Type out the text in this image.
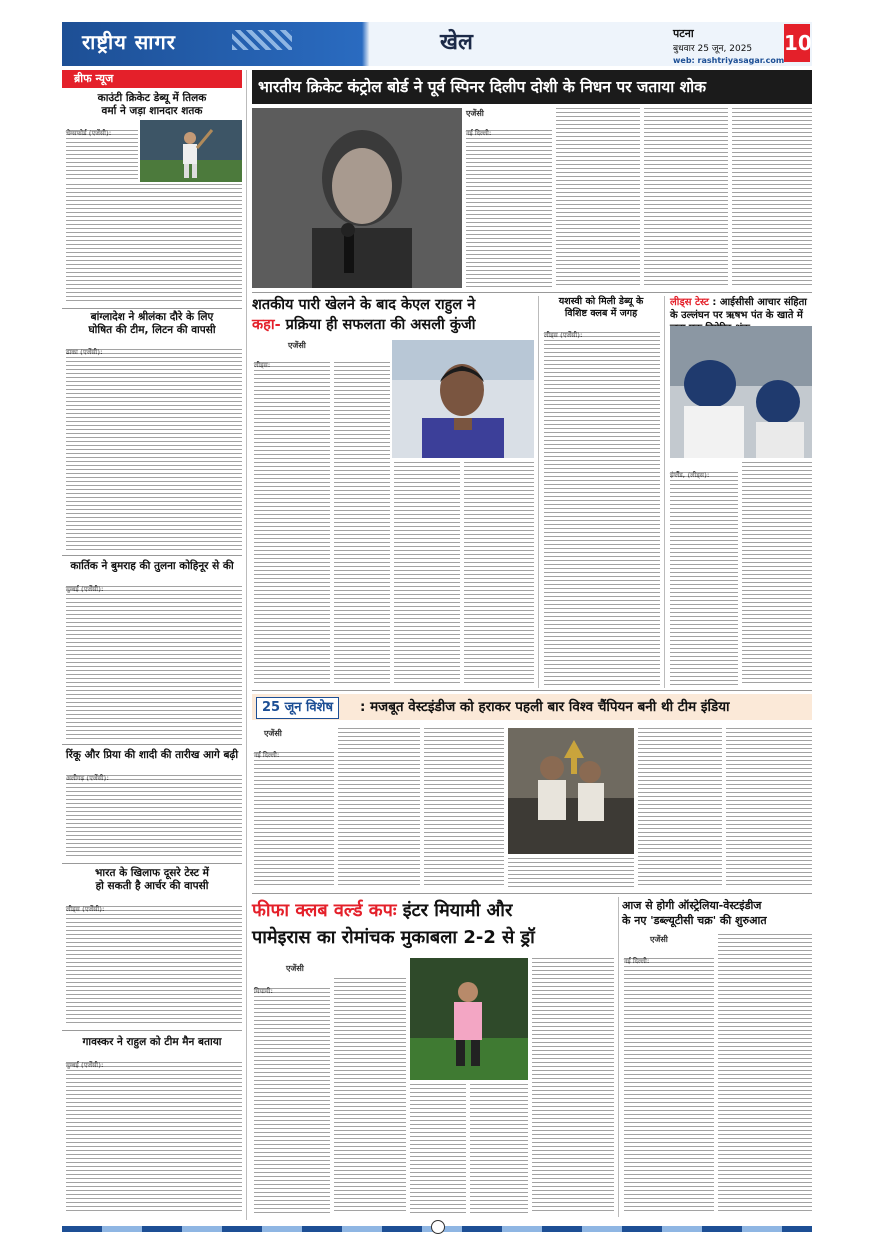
राष्ट्रीय सागर	खेल	पटना
बुधवार 25 जून, 2025
web: rashtriyasagar.com
10
ब्रीफ न्यूज
काउंटी क्रिकेट डेब्यू में तिलक
वर्मा ने जड़ा शानदार शतक
बांग्लादेश ने श्रीलंका दौरे के लिए
घोषित की टीम, लिटन की वापसी
कार्तिक ने बुमराह की तुलना कोहिनूर से की
रिंकू और प्रिया की शादी की तारीख आगे बढ़ी
भारत के खिलाफ दूसरे टेस्ट में
हो सकती है आर्चर की वापसी
गावस्कर ने राहुल को टीम मैन बताया
भारतीय क्रिकेट कंट्रोल बोर्ड ने पूर्व स्पिनर दिलीप दोशी के निधन पर जताया शोक
एजेंसी
शतकीय पारी खेलने के बाद केएल राहुल ने
कहा- प्रक्रिया ही सफलता की असली कुंजी
एजेंसी
यशस्वी को मिली डेब्यू के
विशिष्ट क्लब में जगह
लीड्स टेस्ट : आईसीसी आचार संहिता के उल्लंघन पर ऋषभ पंत के खाते में
25 जून विशेष	: मजबूत वेस्टइंडीज को हराकर पहली बार विश्व चैंपियन बनी थी टीम इंडिया
एजेंसी
फीफा क्लब वर्ल्ड कपः इंटर मियामी और
पामेइरास का रोमांचक मुकाबला 2-2 से ड्रॉ
एजेंसी
आज से होगी ऑस्ट्रेलिया-वेस्टइंडीज
के नए 'डब्ल्यूटीसी चक्र' की शुरुआत
एजेंसी
